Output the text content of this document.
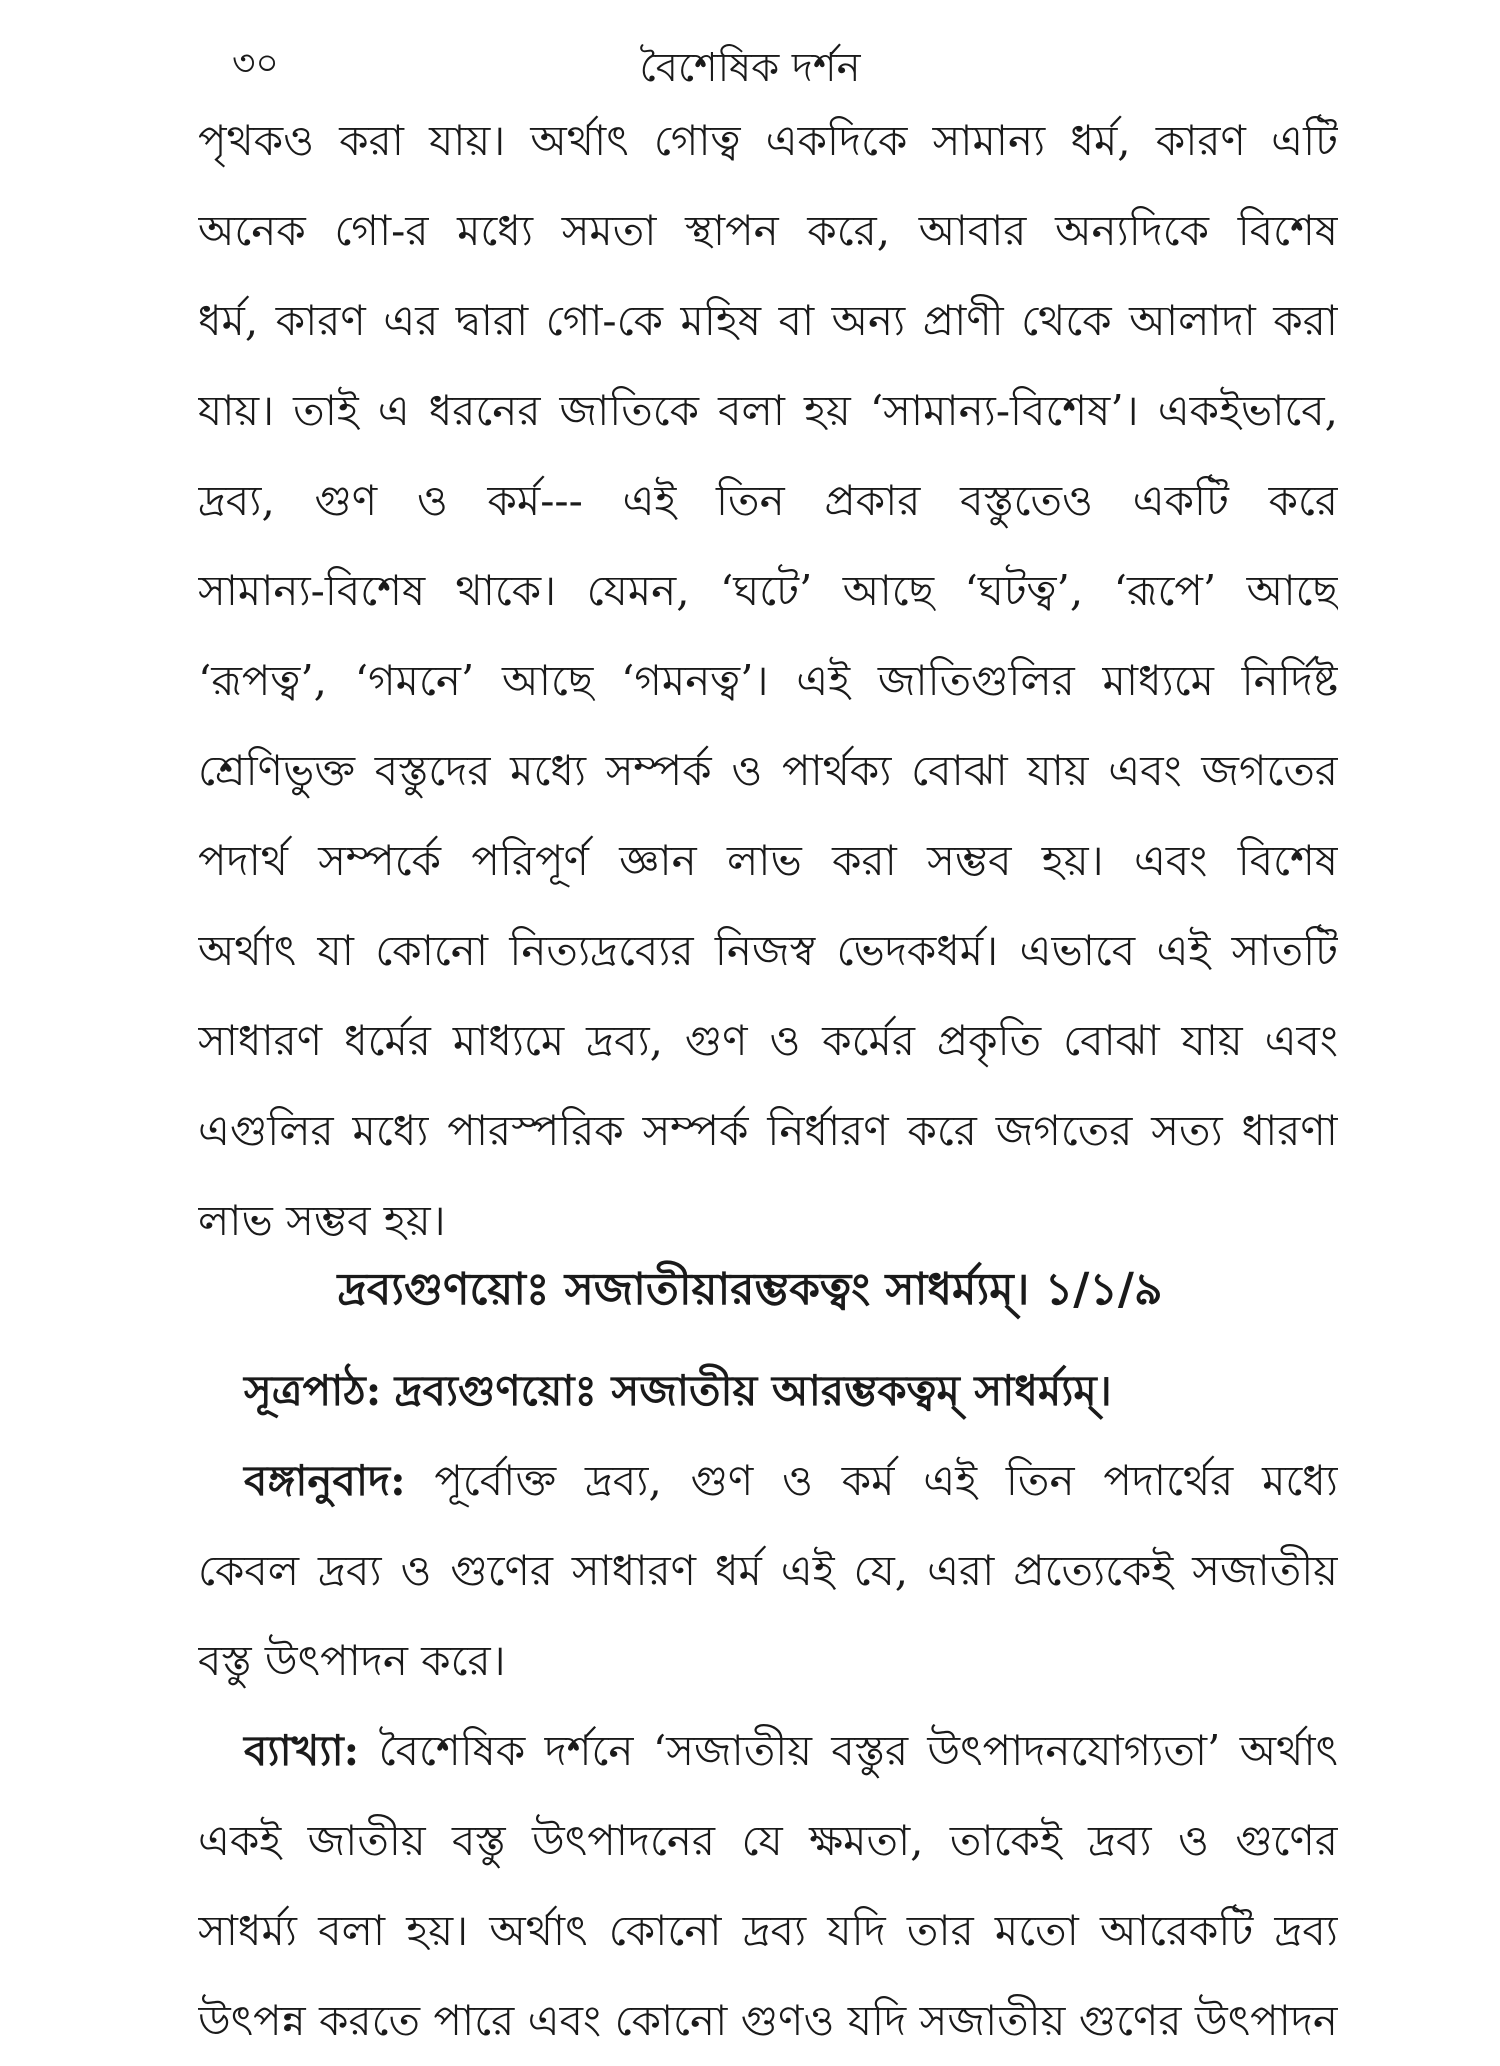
৩০	বৈশেষিক দর্শন
পৃথকও করা যায়। অর্থাৎ গোত্ব একদিকে সামান্য ধর্ম, কারণ এটি
অনেক গো-র মধ্যে সমতা স্থাপন করে, আবার অন্যদিকে বিশেষ
ধর্ম, কারণ এর দ্বারা গো-কে মহিষ বা অন্য প্রাণী থেকে আলাদা করা
যায়। তাই এ ধরনের জাতিকে বলা হয় ‘সামান্য-বিশেষ’। একইভাবে,
দ্রব্য, গুণ ও কর্ম--- এই তিন প্রকার বস্তুতেও একটি করে
সামান্য-বিশেষ থাকে। যেমন, ‘ঘটে’ আছে ‘ঘটত্ব’, ‘রূপে’ আছে
‘রূপত্ব’, ‘গমনে’ আছে ‘গমনত্ব’। এই জাতিগুলির মাধ্যমে নির্দিষ্ট
শ্রেণিভুক্ত বস্তুদের মধ্যে সম্পর্ক ও পার্থক্য বোঝা যায় এবং জগতের
পদার্থ সম্পর্কে পরিপূর্ণ জ্ঞান লাভ করা সম্ভব হয়। এবং বিশেষ
অর্থাৎ যা কোনো নিত্যদ্রব্যের নিজস্ব ভেদকধর্ম। এভাবে এই সাতটি
সাধারণ ধর্মের মাধ্যমে দ্রব্য, গুণ ও কর্মের প্রকৃতি বোঝা যায় এবং
এগুলির মধ্যে পারস্পরিক সম্পর্ক নির্ধারণ করে জগতের সত্য ধারণা
লাভ সম্ভব হয়।
দ্রব্যগুণয়োঃ সজাতীয়ারম্ভকত্বং সাধর্ম্যম্। ১/১/৯
সূত্রপাঠ: দ্রব্যগুণয়োঃ সজাতীয় আরম্ভকত্বম্ সাধর্ম্যম্।
বঙ্গানুবাদ: পূর্বোক্ত দ্রব্য, গুণ ও কর্ম এই তিন পদার্থের মধ্যে
কেবল দ্রব্য ও গুণের সাধারণ ধর্ম এই যে, এরা প্রত্যেকেই সজাতীয়
বস্তু উৎপাদন করে।
ব্যাখ্যা: বৈশেষিক দর্শনে ‘সজাতীয় বস্তুর উৎপাদনযোগ্যতা’ অর্থাৎ
একই জাতীয় বস্তু উৎপাদনের যে ক্ষমতা, তাকেই দ্রব্য ও গুণের
সাধর্ম্য বলা হয়। অর্থাৎ কোনো দ্রব্য যদি তার মতো আরেকটি দ্রব্য
উৎপন্ন করতে পারে এবং কোনো গুণও যদি সজাতীয় গুণের উৎপাদন
